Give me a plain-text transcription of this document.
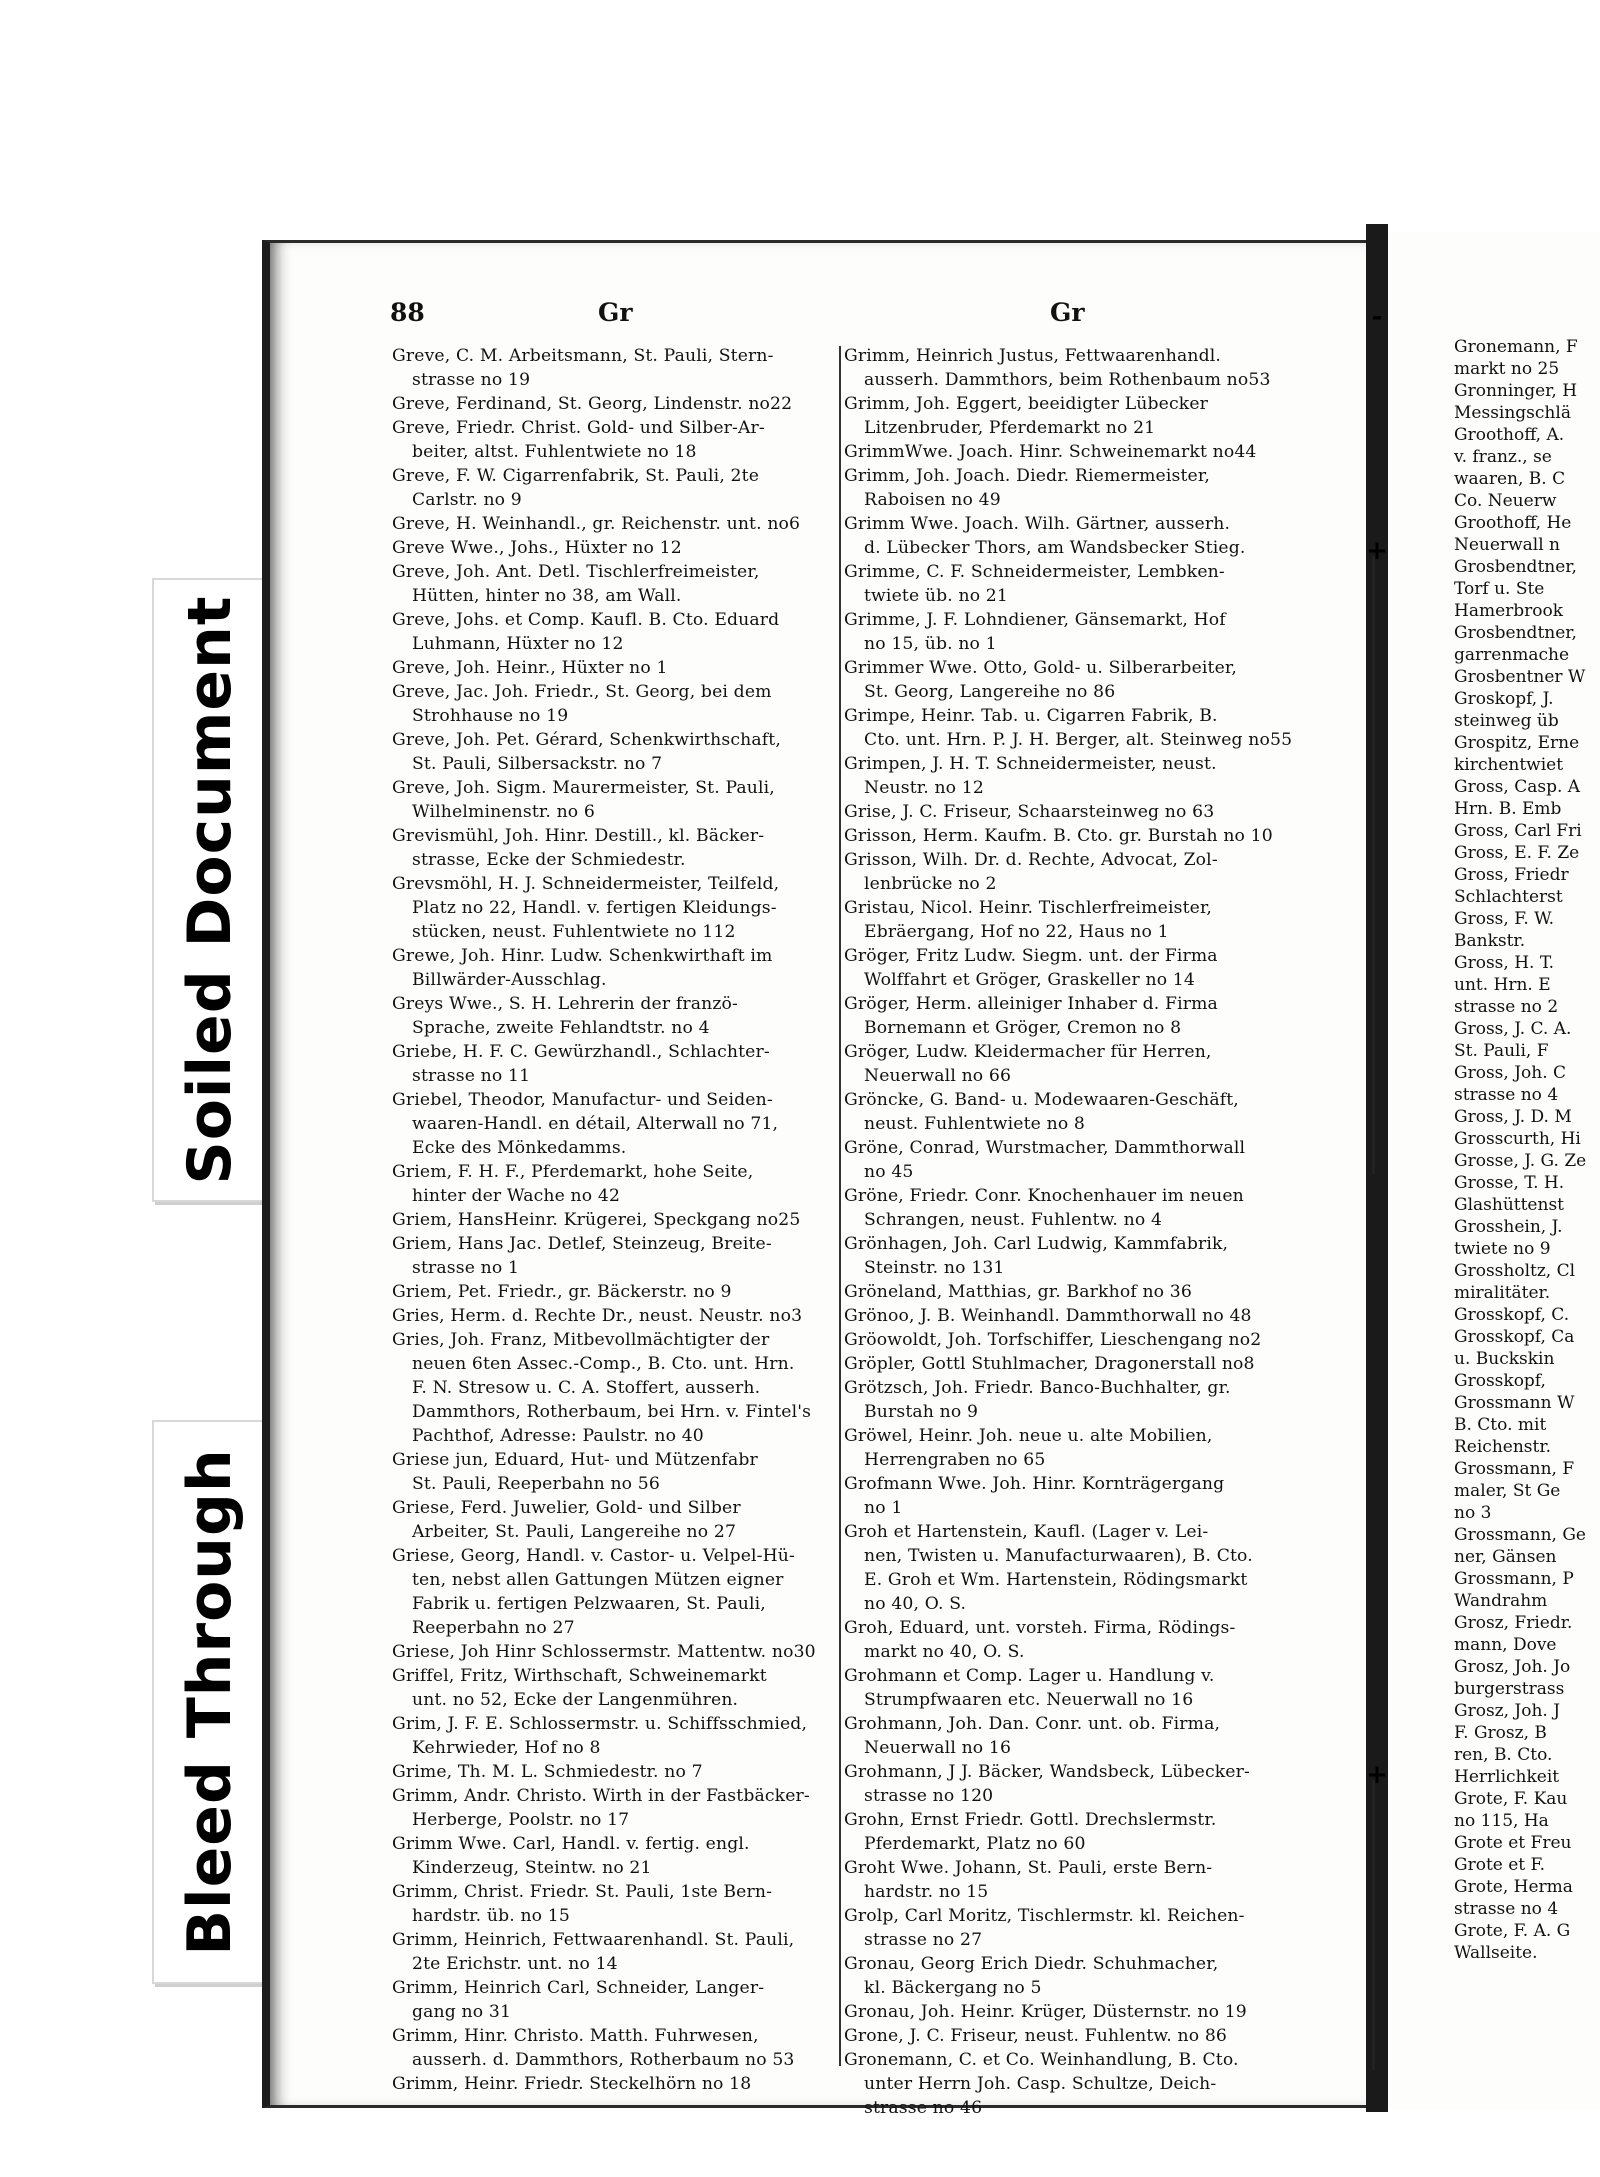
Soiled Document
Bleed Through
Gronemann, F
markt no 25
Gronninger, H
Messingschlä
Groothoff, A.
v. franz., se
waaren, B. C
Co. Neuerw
Groothoff, He
Neuerwall n
Grosbendtner,
Torf u. Ste
Hamerbrook
Grosbendtner,
garrenmache
Grosbentner W
Groskopf, J.
steinweg üb
Grospitz, Erne
kirchentwiet
Gross, Casp. A
Hrn. B. Emb
Gross, Carl Fri
Gross, E. F. Ze
Gross, Friedr
Schlachterst
Gross, F. W.
Bankstr.
Gross, H. T.
unt. Hrn. E
strasse no 2
Gross, J. C. A.
St. Pauli, F
Gross, Joh. C
strasse no 4
Gross, J. D. M
Grosscurth, Hi
Grosse, J. G. Ze
Grosse, T. H.
Glashüttenst
Grosshein, J.
twiete no 9
Grossholtz, Cl
miralitäter.
Grosskopf, C.
Grosskopf, Ca
u. Buckskin
Grosskopf,
Grossmann W
B. Cto. mit
Reichenstr.
Grossmann, F
maler, St Ge
no 3
Grossmann, Ge
ner, Gänsen
Grossmann, P
Wandrahm
Grosz, Friedr.
mann, Dove
Grosz, Joh. Jo
burgerstrass
Grosz, Joh. J
F. Grosz, B
ren, B. Cto.
Herrlichkeit
Grote, F. Kau
no 115, Ha
Grote et Freu
Grote et F.
Grote, Herma
strasse no 4
Grote, F. A. G
Wallseite.
-
+
+
88	Gr	Gr

Greve, C. M. Arbeitsmann, St. Pauli, Stern-

strasse no 19

Greve, Ferdinand, St. Georg, Lindenstr. no22

Greve, Friedr. Christ. Gold- und Silber-Ar-

beiter, altst. Fuhlentwiete no 18

Greve, F. W. Cigarrenfabrik, St. Pauli, 2te

Carlstr. no 9

Greve, H. Weinhandl., gr. Reichenstr. unt. no6

Greve Wwe., Johs., Hüxter no 12

Greve, Joh. Ant. Detl. Tischlerfreimeister,

Hütten, hinter no 38, am Wall.

Greve, Johs. et Comp. Kaufl. B. Cto. Eduard

Luhmann, Hüxter no 12

Greve, Joh. Heinr., Hüxter no 1

Greve, Jac. Joh. Friedr., St. Georg, bei dem

Strohhause no 19

Greve, Joh. Pet. Gérard, Schenkwirthschaft,

St. Pauli, Silbersackstr. no 7

Greve, Joh. Sigm. Maurermeister, St. Pauli,

Wilhelminenstr. no 6

Grevismühl, Joh. Hinr. Destill., kl. Bäcker-

strasse, Ecke der Schmiedestr.

Grevsmöhl, H. J. Schneidermeister, Teilfeld,

Platz no 22, Handl. v. fertigen Kleidungs-

stücken, neust. Fuhlentwiete no 112

Grewe, Joh. Hinr. Ludw. Schenkwirthaft im

Billwärder-Ausschlag.

Greys Wwe., S. H. Lehrerin der franzö-

Sprache, zweite Fehlandtstr. no 4

Griebe, H. F. C. Gewürzhandl., Schlachter-

strasse no 11

Griebel, Theodor, Manufactur- und Seiden-

waaren-Handl. en détail, Alterwall no 71,

Ecke des Mönkedamms.

Griem, F. H. F., Pferdemarkt, hohe Seite,

hinter der Wache no 42

Griem, HansHeinr. Krügerei, Speckgang no25

Griem, Hans Jac. Detlef, Steinzeug, Breite-

strasse no 1

Griem, Pet. Friedr., gr. Bäckerstr. no 9

Gries, Herm. d. Rechte Dr., neust. Neustr. no3

Gries, Joh. Franz, Mitbevollmächtigter der

neuen 6ten Assec.-Comp., B. Cto. unt. Hrn.

F. N. Stresow u. C. A. Stoffert, ausserh.

Dammthors, Rotherbaum, bei Hrn. v. Fintel's

Pachthof, Adresse: Paulstr. no 40

Griese jun, Eduard, Hut- und Mützenfabr

St. Pauli, Reeperbahn no 56

Griese, Ferd. Juwelier, Gold- und Silber

Arbeiter, St. Pauli, Langereihe no 27

Griese, Georg, Handl. v. Castor- u. Velpel-Hü-

ten, nebst allen Gattungen Mützen eigner

Fabrik u. fertigen Pelzwaaren, St. Pauli,

Reeperbahn no 27

Griese, Joh Hinr Schlossermstr. Mattentw. no30

Griffel, Fritz, Wirthschaft, Schweinemarkt

unt. no 52, Ecke der Langenmühren.

Grim, J. F. E. Schlossermstr. u. Schiffsschmied,

Kehrwieder, Hof no 8

Grime, Th. M. L. Schmiedestr. no 7

Grimm, Andr. Christo. Wirth in der Fastbäcker-

Herberge, Poolstr. no 17

Grimm Wwe. Carl, Handl. v. fertig. engl.

Kinderzeug, Steintw. no 21

Grimm, Christ. Friedr. St. Pauli, 1ste Bern-

hardstr. üb. no 15

Grimm, Heinrich, Fettwaarenhandl. St. Pauli,

2te Erichstr. unt. no 14

Grimm, Heinrich Carl, Schneider, Langer-

gang no 31

Grimm, Hinr. Christo. Matth. Fuhrwesen,

ausserh. d. Dammthors, Rotherbaum no 53

Grimm, Heinr. Friedr. Steckelhörn no 18

Grimm, Heinrich Justus, Fettwaarenhandl.

ausserh. Dammthors, beim Rothenbaum no53

Grimm, Joh. Eggert, beeidigter Lübecker

Litzenbruder, Pferdemarkt no 21

GrimmWwe. Joach. Hinr. Schweinemarkt no44

Grimm, Joh. Joach. Diedr. Riemermeister,

Raboisen no 49

Grimm Wwe. Joach. Wilh. Gärtner, ausserh.

d. Lübecker Thors, am Wandsbecker Stieg.

Grimme, C. F. Schneidermeister, Lembken-

twiete üb. no 21

Grimme, J. F. Lohndiener, Gänsemarkt, Hof

no 15, üb. no 1

Grimmer Wwe. Otto, Gold- u. Silberarbeiter,

St. Georg, Langereihe no 86

Grimpe, Heinr. Tab. u. Cigarren Fabrik, B.

Cto. unt. Hrn. P. J. H. Berger, alt. Steinweg no55

Grimpen, J. H. T. Schneidermeister, neust.

Neustr. no 12

Grise, J. C. Friseur, Schaarsteinweg no 63

Grisson, Herm. Kaufm. B. Cto. gr. Burstah no 10

Grisson, Wilh. Dr. d. Rechte, Advocat, Zol-

lenbrücke no 2

Gristau, Nicol. Heinr. Tischlerfreimeister,

Ebräergang, Hof no 22, Haus no 1

Gröger, Fritz Ludw. Siegm. unt. der Firma

Wolffahrt et Gröger, Graskeller no 14

Gröger, Herm. alleiniger Inhaber d. Firma

Bornemann et Gröger, Cremon no 8

Gröger, Ludw. Kleidermacher für Herren,

Neuerwall no 66

Gröncke, G. Band- u. Modewaaren-Geschäft,

neust. Fuhlentwiete no 8

Gröne, Conrad, Wurstmacher, Dammthorwall

no 45

Gröne, Friedr. Conr. Knochenhauer im neuen

Schrangen, neust. Fuhlentw. no 4

Grönhagen, Joh. Carl Ludwig, Kammfabrik,

Steinstr. no 131

Gröneland, Matthias, gr. Barkhof no 36

Grönoo, J. B. Weinhandl. Dammthorwall no 48

Gröowoldt, Joh. Torfschiffer, Lieschengang no2

Gröpler, Gottl Stuhlmacher, Dragonerstall no8

Grötzsch, Joh. Friedr. Banco-Buchhalter, gr.

Burstah no 9

Gröwel, Heinr. Joh. neue u. alte Mobilien,

Herrengraben no 65

Grofmann Wwe. Joh. Hinr. Kornträgergang

no 1

Groh et Hartenstein, Kaufl. (Lager v. Lei-

nen, Twisten u. Manufacturwaaren), B. Cto.

E. Groh et Wm. Hartenstein, Rödingsmarkt

no 40, O. S.

Groh, Eduard, unt. vorsteh. Firma, Rödings-

markt no 40, O. S.

Grohmann et Comp. Lager u. Handlung v.

Strumpfwaaren etc. Neuerwall no 16

Grohmann, Joh. Dan. Conr. unt. ob. Firma,

Neuerwall no 16

Grohmann, J J. Bäcker, Wandsbeck, Lübecker-

strasse no 120

Grohn, Ernst Friedr. Gottl. Drechslermstr.

Pferdemarkt, Platz no 60

Groht Wwe. Johann, St. Pauli, erste Bern-

hardstr. no 15

Grolp, Carl Moritz, Tischlermstr. kl. Reichen-

strasse no 27

Gronau, Georg Erich Diedr. Schuhmacher,

kl. Bäckergang no 5

Gronau, Joh. Heinr. Krüger, Düsternstr. no 19

Grone, J. C. Friseur, neust. Fuhlentw. no 86

Gronemann, C. et Co. Weinhandlung, B. Cto.

unter Herrn Joh. Casp. Schultze, Deich-

strasse no 46
